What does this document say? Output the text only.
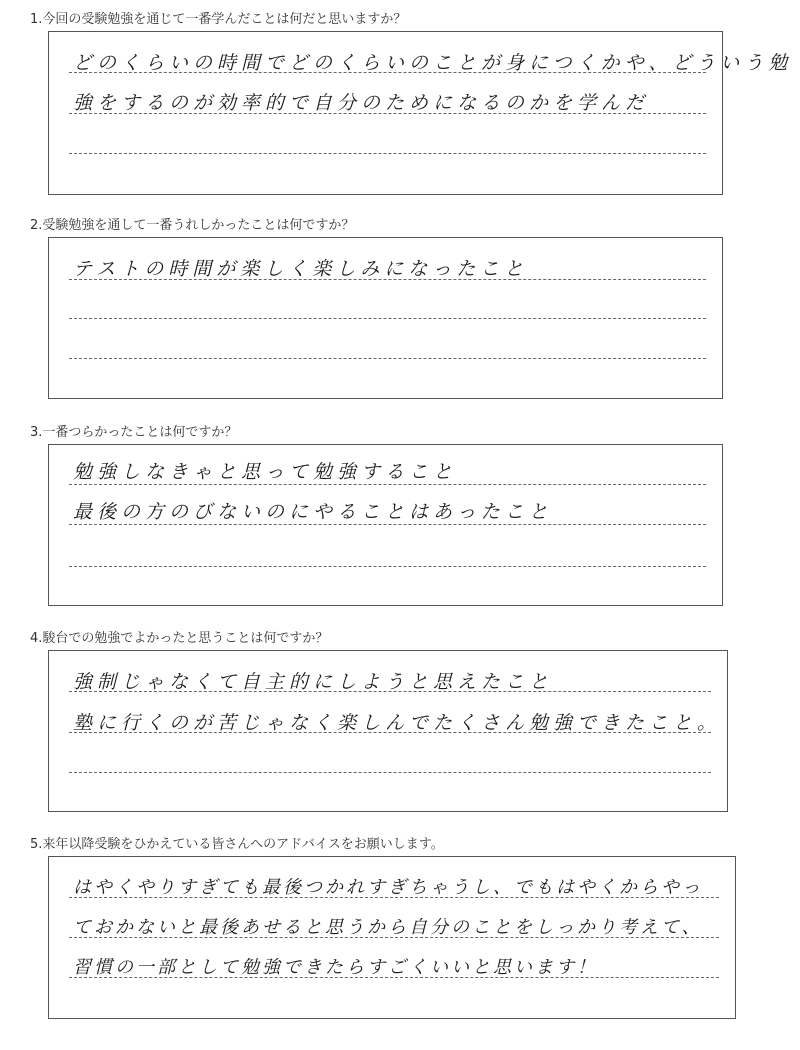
1.今回の受験勉強を通じて一番学んだことは何だと思いますか？
どのくらいの時間でどのくらいのことが身につくかや、どういう勉
強をするのが効率的で自分のためになるのかを学んだ
2.受験勉強を通して一番うれしかったことは何ですか？
テストの時間が楽しく楽しみになったこと
3.一番つらかったことは何ですか？
勉強しなきゃと思って勉強すること
最後の方のびないのにやることはあったこと
4.駿台での勉強でよかったと思うことは何ですか？
強制じゃなくて自主的にしようと思えたこと
塾に行くのが苦じゃなく楽しんでたくさん勉強できたこと。
5.来年以降受験をひかえている皆さんへのアドバイスをお願いします。
はやくやりすぎても最後つかれすぎちゃうし、でもはやくからやっ
ておかないと最後あせると思うから自分のことをしっかり考えて、
習慣の一部として勉強できたらすごくいいと思います！
